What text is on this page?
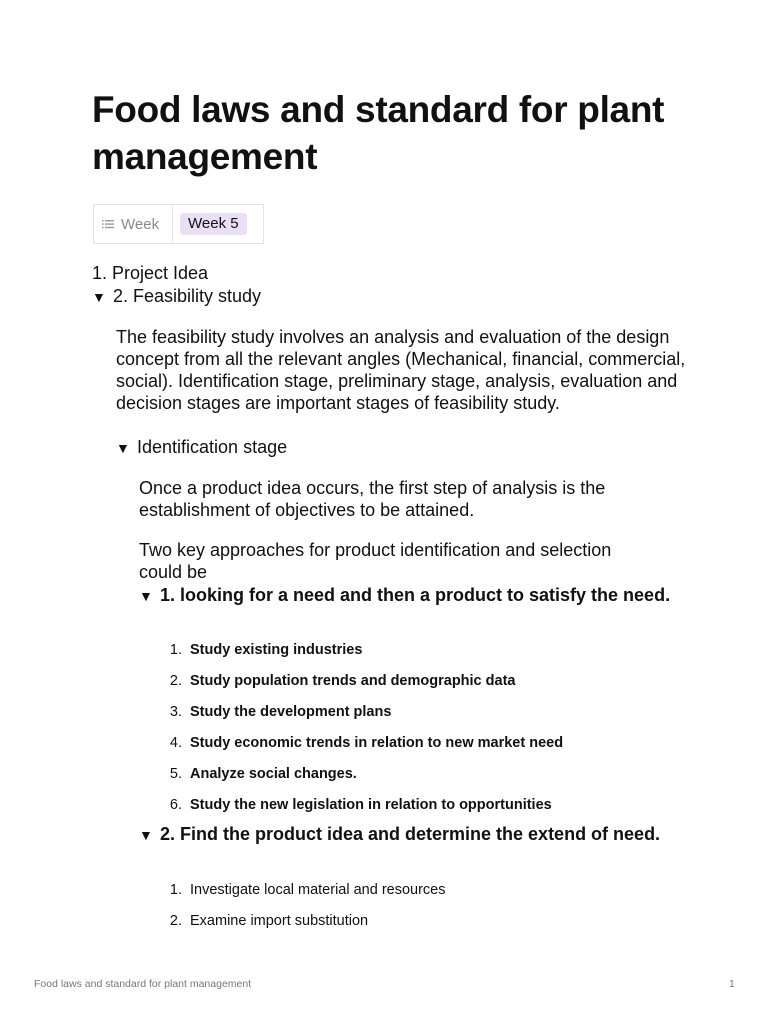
Food laws and standard for plant management
Week	Week 5

1. Project Idea

▼ 2. Feasibility study

The feasibility study involves an analysis and evaluation of the design concept from all the relevant angles (Mechanical, financial, commercial, social). Identification stage, preliminary stage, analysis, evaluation and decision stages are important stages of feasibility study.

▼ Identification stage

Once a product idea occurs, the first step of analysis is the establishment of objectives to be attained.

Two key approaches for product identification and selection could be

▼ 1. looking for a need and then a product to satisfy the need.

1. Study existing industries
2. Study population trends and demographic data
3. Study the development plans
4. Study economic trends in relation to new market need
5. Analyze social changes.
6. Study the new legislation in relation to opportunities

▼ 2. Find the product idea and determine the extend of need.

1. Investigate local material and resources
2. Examine import substitution
Food laws and standard for plant management	1
